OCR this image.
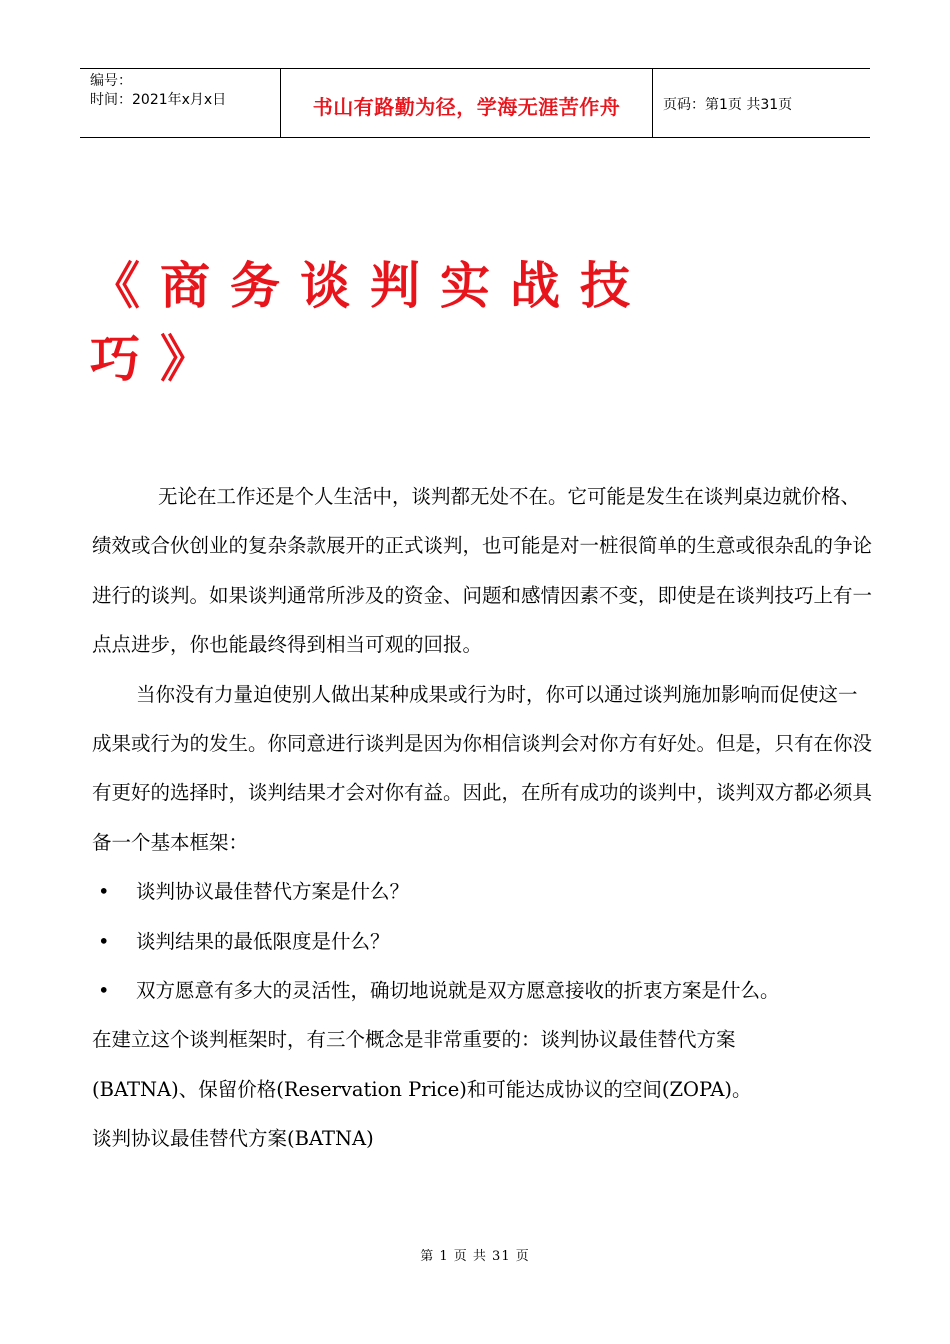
编号：
时间：2021年x月x日	书山有路勤为径，学海无涯苦作舟	页码：第1页 共31页
《商务谈判实战技
巧》

无论在工作还是个人生活中，谈判都无处不在。它可能是发生在谈判桌边就价格、绩效或合伙创业的复杂条款展开的正式谈判，也可能是对一桩很简单的生意或很杂乱的争论进行的谈判。如果谈判通常所涉及的资金、问题和感情因素不变，即使是在谈判技巧上有一点点进步，你也能最终得到相当可观的回报。

当你没有力量迫使别人做出某种成果或行为时，你可以通过谈判施加影响而促使这一成果或行为的发生。你同意进行谈判是因为你相信谈判会对你方有好处。但是，只有在你没有更好的选择时，谈判结果才会对你有益。因此，在所有成功的谈判中，谈判双方都必须具备一个基本框架：

•	谈判协议最佳替代方案是什么？
•	谈判结果的最低限度是什么？
•	双方愿意有多大的灵活性，确切地说就是双方愿意接收的折衷方案是什么。

在建立这个谈判框架时，有三个概念是非常重要的：谈判协议最佳替代方案

(BATNA)、保留价格(Reservation Price)和可能达成协议的空间(ZOPA)。

谈判协议最佳替代方案(BATNA)

第 1 页 共 31 页
